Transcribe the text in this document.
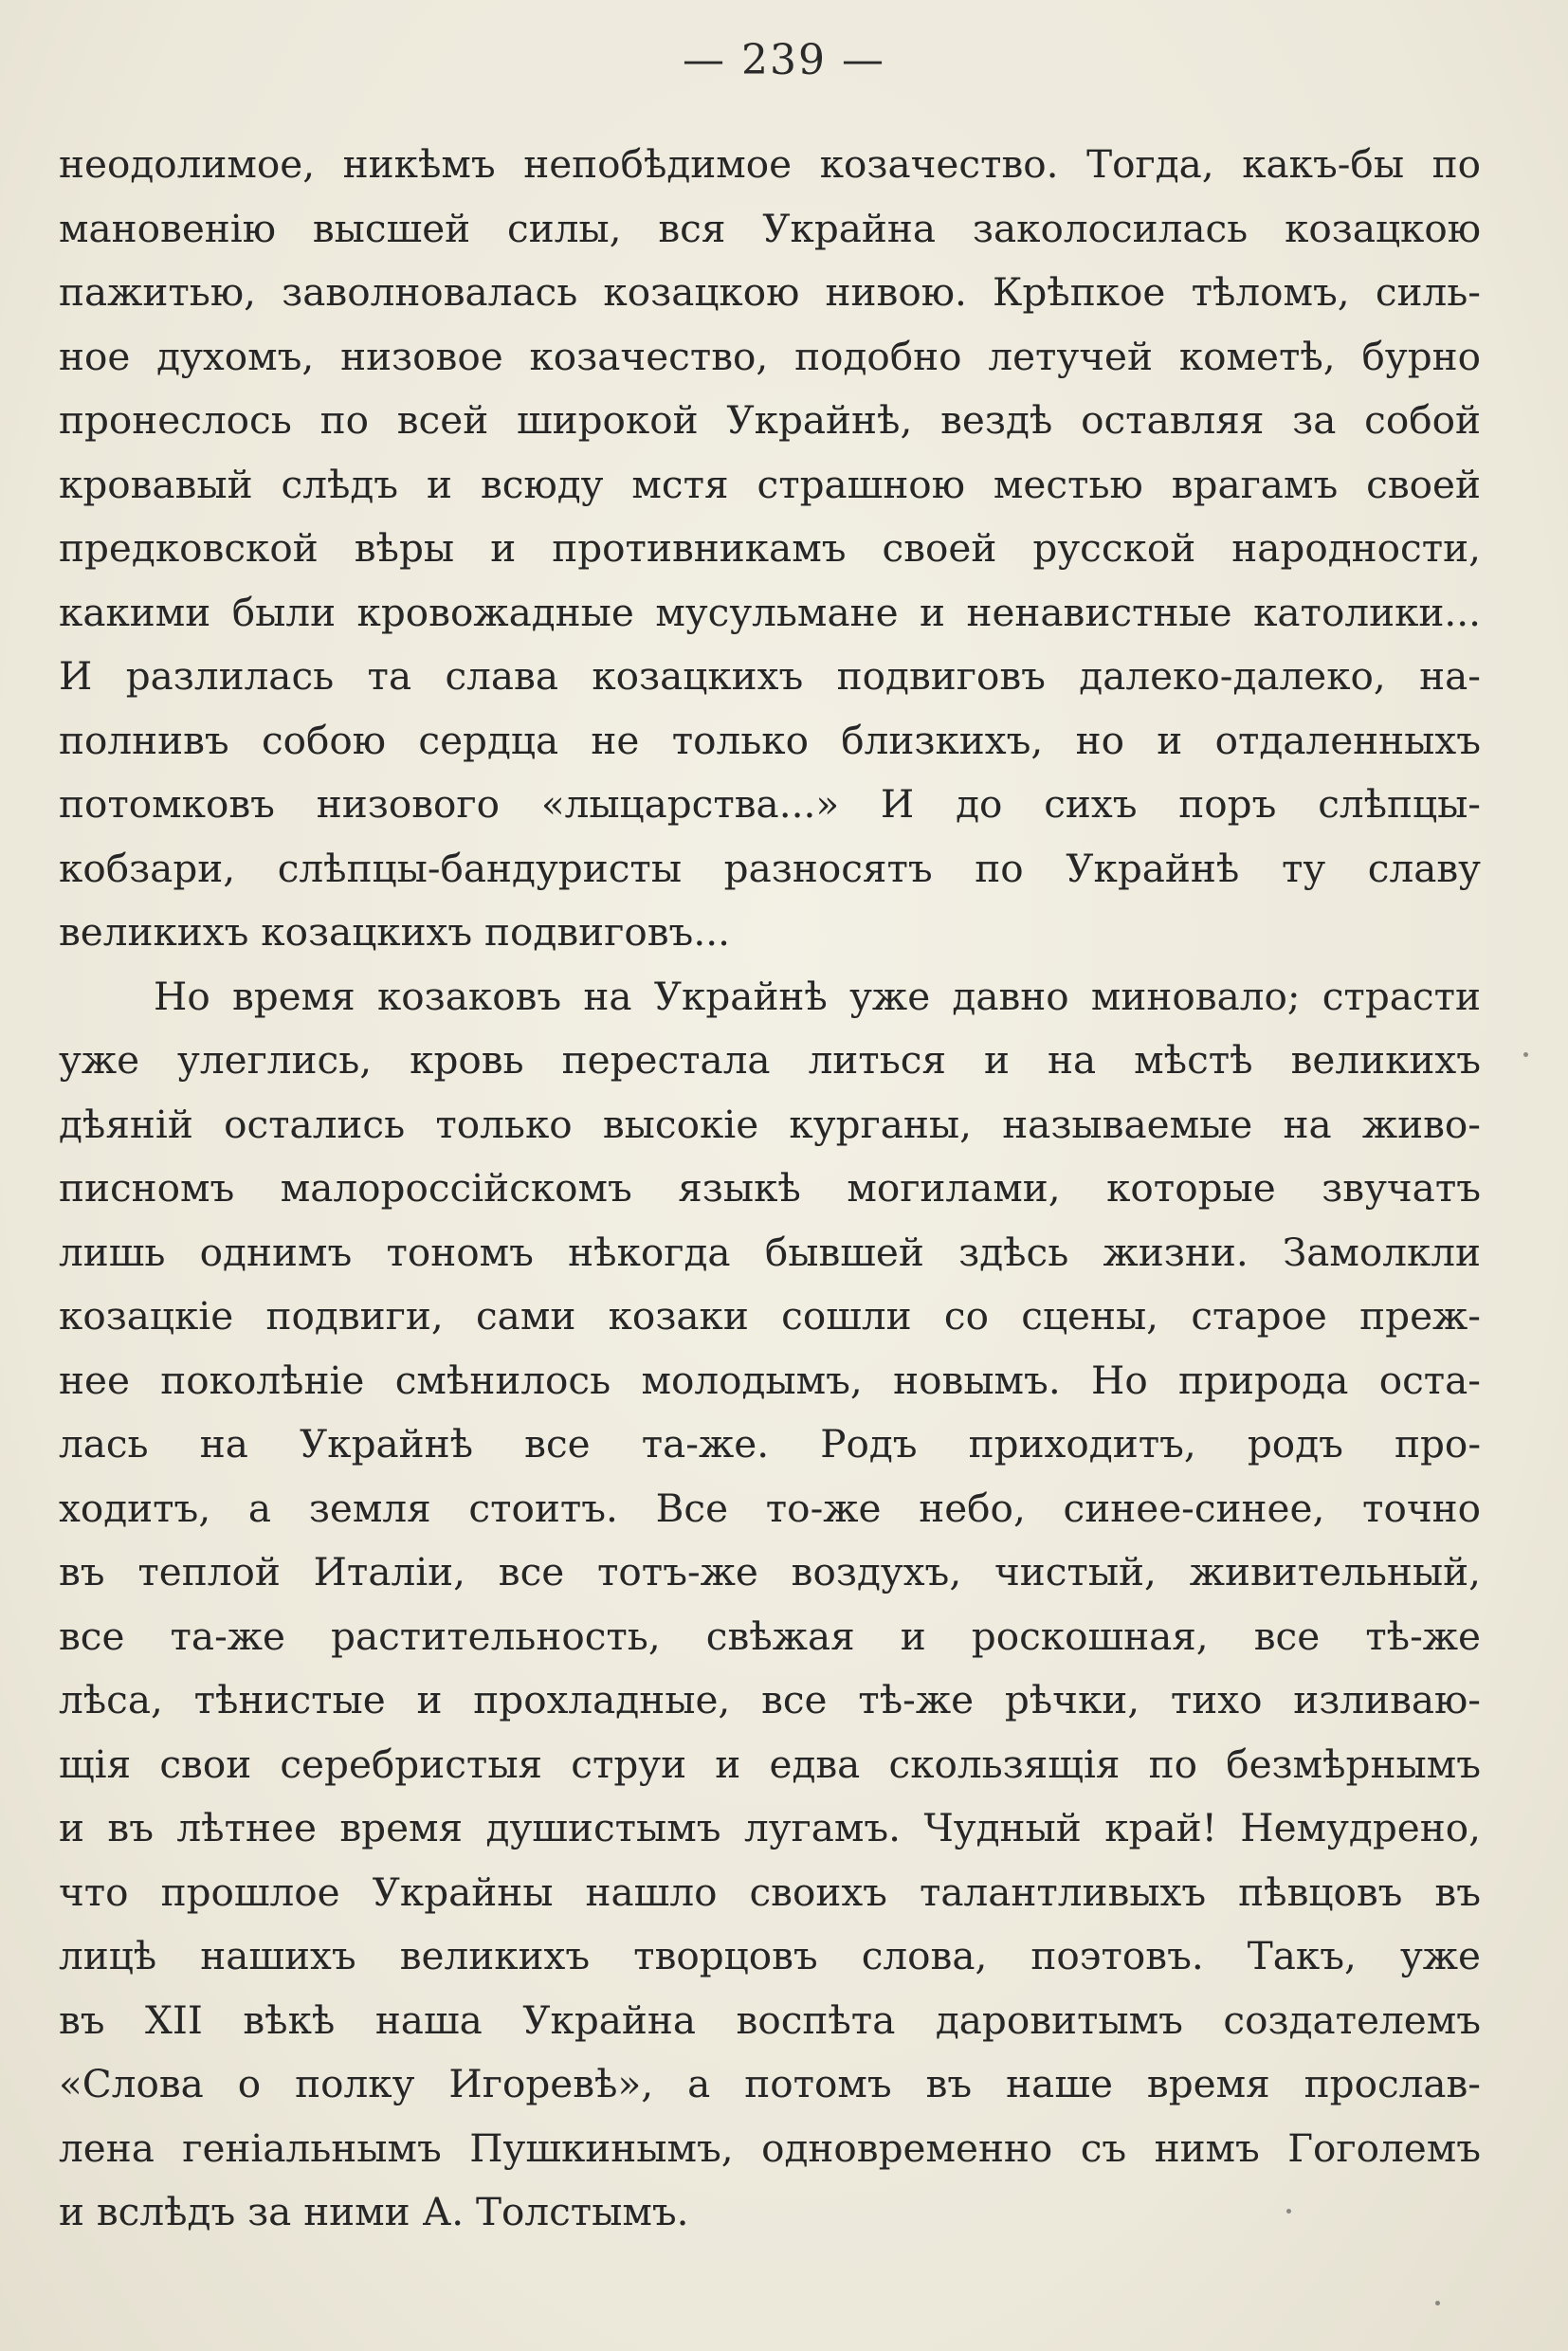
— 239 —
неодолимое, никѣмъ непобѣдимое козачество. Тогда, какъ-бы по
мановенію высшей силы, вся Украйна заколосилась козацкою
пажитью, заволновалась козацкою нивою. Крѣпкое тѣломъ, силь-
ное духомъ, низовое козачество, подобно летучей кометѣ, бурно
пронеслось по всей широкой Украйнѣ, вездѣ оставляя за собой
кровавый слѣдъ и всюду мстя страшною местью врагамъ своей
предковской вѣры и противникамъ своей русской народности,
какими были кровожадные мусульмане и ненавистные католики...
И разлилась та слава козацкихъ подвиговъ далеко-далеко, на-
полнивъ собою сердца не только близкихъ, но и отдаленныхъ
потомковъ низового «лыцарства...» И до сихъ поръ слѣпцы-
кобзари, слѣпцы-бандуристы разносятъ по Украйнѣ ту славу
великихъ козацкихъ подвиговъ...
Но время козаковъ на Украйнѣ уже давно миновало; страсти
уже улеглись, кровь перестала литься и на мѣстѣ великихъ
дѣяній остались только высокіе курганы, называемые на живо-
писномъ малороссійскомъ языкѣ могилами, которые звучатъ
лишь однимъ тономъ нѣкогда бывшей здѣсь жизни. Замолкли
козацкіе подвиги, сами козаки сошли со сцены, старое преж-
нее поколѣніе смѣнилось молодымъ, новымъ. Но природа оста-
лась на Украйнѣ все та-же. Родъ приходитъ, родъ про-
ходитъ, а земля стоитъ. Все то-же небо, синее-синее, точно
въ теплой Италіи, все тотъ-же воздухъ, чистый, живительный,
все та-же растительность, свѣжая и роскошная, все тѣ-же
лѣса, тѣнистые и прохладные, все тѣ-же рѣчки, тихо изливаю-
щія свои серебристыя струи и едва скользящія по безмѣрнымъ
и въ лѣтнее время душистымъ лугамъ. Чудный край! Немудрено,
что прошлое Украйны нашло своихъ талантливыхъ пѣвцовъ въ
лицѣ нашихъ великихъ творцовъ слова, поэтовъ. Такъ, уже
въ XII вѣкѣ наша Украйна воспѣта даровитымъ создателемъ
«Слова о полку Игоревѣ», а потомъ въ наше время прослав-
лена геніальнымъ Пушкинымъ, одновременно съ нимъ Гоголемъ
и вслѣдъ за ними А. Толстымъ.
